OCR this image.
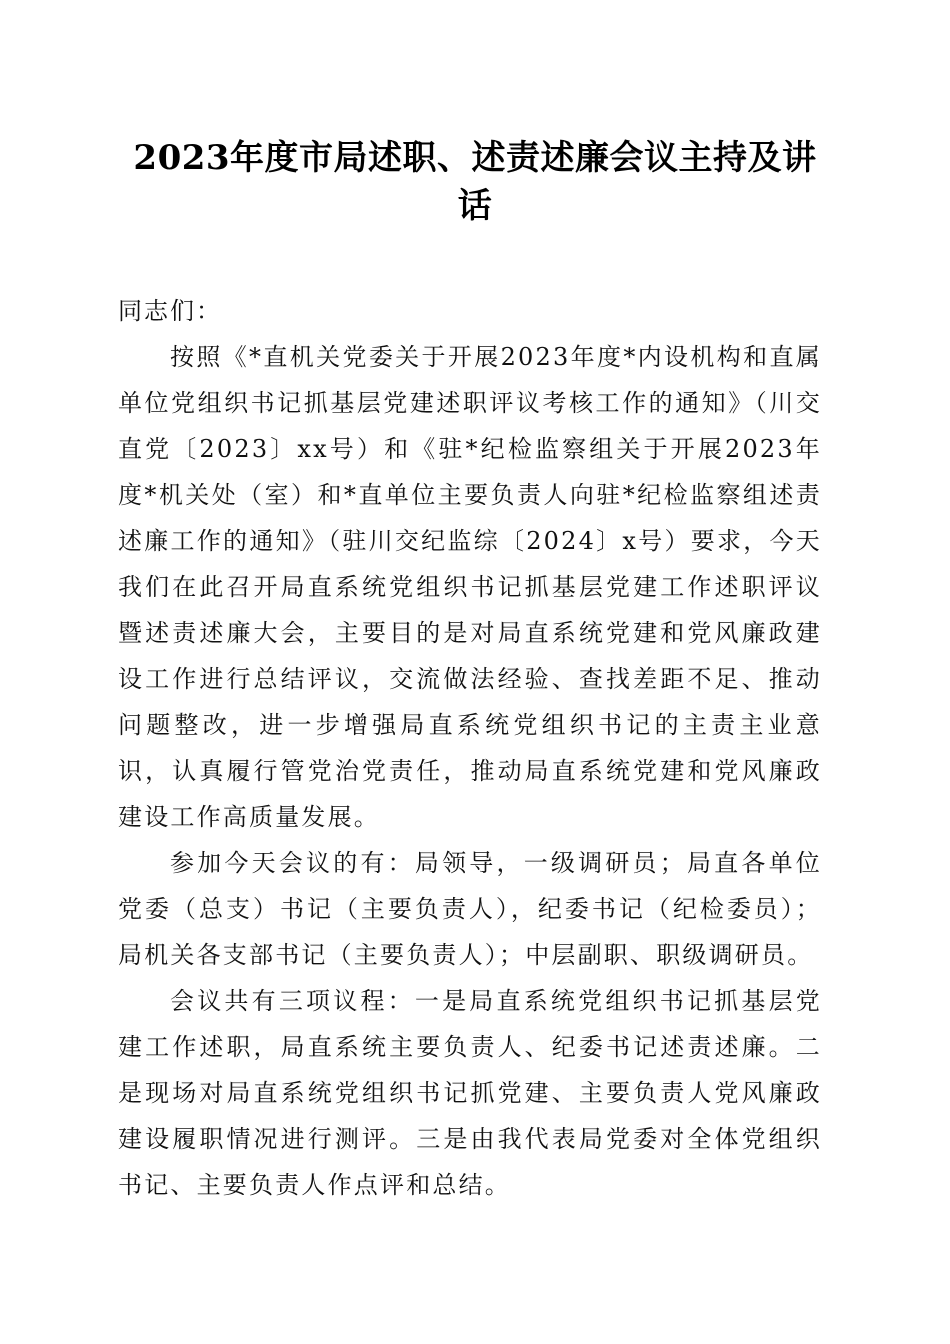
2023年度市局述职、述责述廉会议主持及讲
话

同志们：

按照《*直机关党委关于开展2023年度*内设机构和直属单位党组织书记抓基层党建述职评议考核工作的通知》（川交直党〔2023〕xx号）和《驻*纪检监察组关于开展2023年度*机关处（室）和*直单位主要负责人向驻*纪检监察组述责述廉工作的通知》（驻川交纪监综〔2024〕x号）要求，今天我们在此召开局直系统党组织书记抓基层党建工作述职评议暨述责述廉大会，主要目的是对局直系统党建和党风廉政建设工作进行总结评议，交流做法经验、查找差距不足、推动问题整改，进一步增强局直系统党组织书记的主责主业意识，认真履行管党治党责任，推动局直系统党建和党风廉政建设工作高质量发展。

参加今天会议的有：局领导，一级调研员；局直各单位党委（总支）书记（主要负责人），纪委书记（纪检委员）；局机关各支部书记（主要负责人）；中层副职、职级调研员。

会议共有三项议程：一是局直系统党组织书记抓基层党建工作述职，局直系统主要负责人、纪委书记述责述廉。二是现场对局直系统党组织书记抓党建、主要负责人党风廉政建设履职情况进行测评。三是由我代表局党委对全体党组织书记、主要负责人作点评和总结。
